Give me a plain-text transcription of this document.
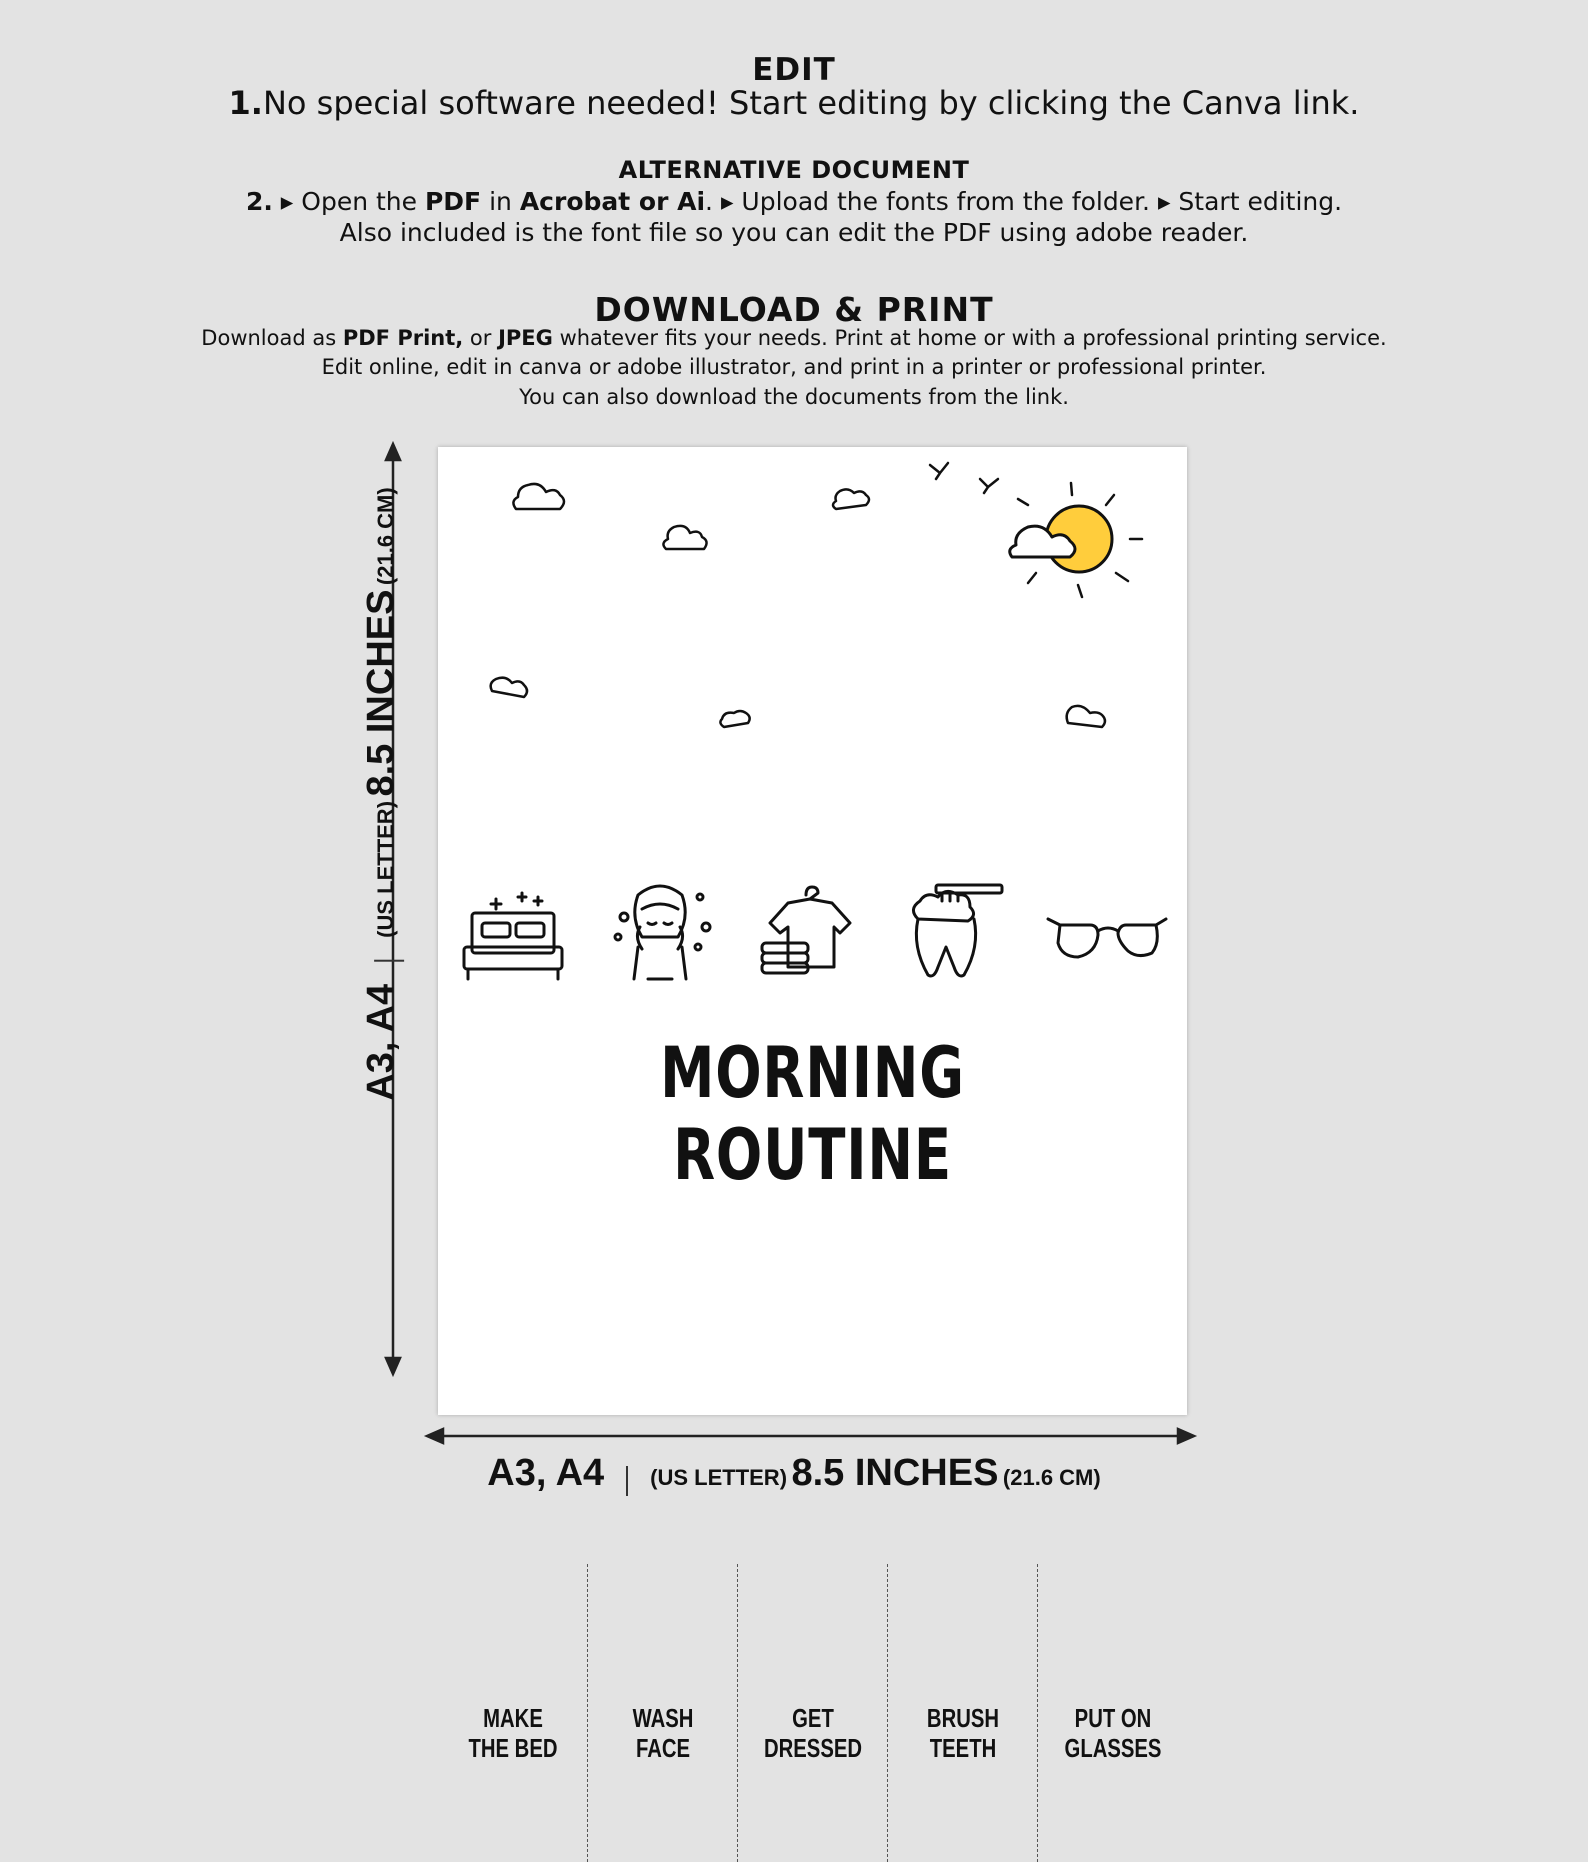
EDIT
1.No special software needed! Start editing by clicking the Canva link.
ALTERNATIVE DOCUMENT
2. ▸ Open the PDF in Acrobat or Ai. ▸ Upload the fonts from the folder. ▸ Start editing.
Also included is the font file so you can edit the PDF using adobe reader.
DOWNLOAD & PRINT
Download as PDF Print, or JPEG whatever fits your needs. Print at home or with a professional printing service.
Edit online, edit in canva or adobe illustrator, and print in a printer or professional printer.
You can also download the documents from the link.
A3, A4(US LETTER) 8.5 INCHES (21.6 CM)
A3, A4 (US LETTER) 8.5 INCHES (21.6 CM)
MORNING ROUTINE
MAKE
THE BED
WASH
FACE
GET
DRESSED
BRUSH
TEETH
PUT ON
GLASSES
